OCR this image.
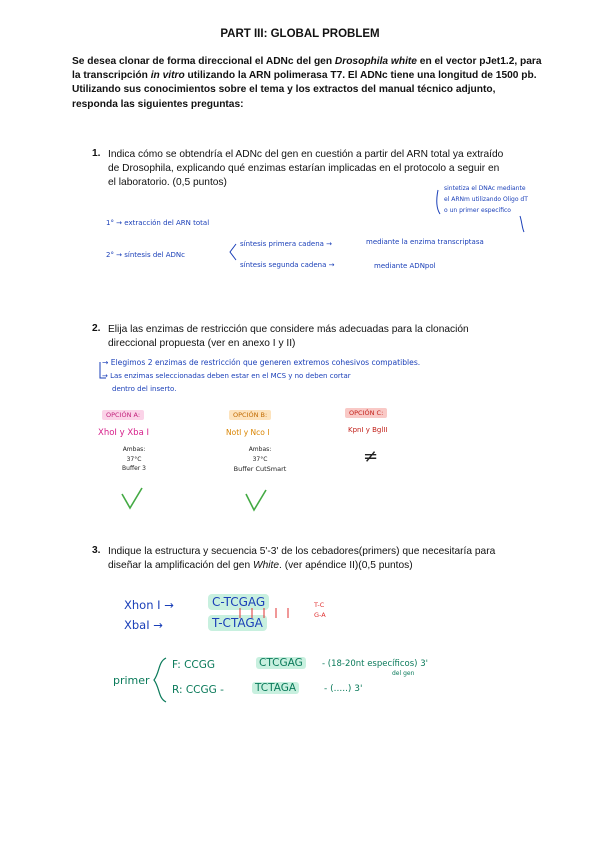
PART III: GLOBAL PROBLEM
Se desea clonar de forma direccional el ADNc del gen Drosophila white en el vector pJet1.2, para la transcripción in vitro utilizando la ARN polimerasa T7. El ADNc tiene una longitud de 1500 pb. Utilizando sus conocimientos sobre el tema y los extractos del manual técnico adjunto, responda las siguientes preguntas:
1. Indica cómo se obtendría el ADNc del gen en cuestión a partir del ARN total ya extraído de Drosophila, explicando qué enzimas estarían implicadas en el protocolo a seguir en el laboratorio. (0,5 puntos)
sintetiza el DNAc mediante
el ARNm utilizando Oligo dT
o un primer específico
1° → extracción del ARN total
2° → síntesis del ADNc
síntesis primera cadena →	mediante la enzima transcriptasa
síntesis segunda cadena →	mediante ADNpol
2. Elija las enzimas de restricción que considere más adecuadas para la clonación direccional propuesta (ver en anexo I y II)
→ Elegimos 2 enzimas de restricción que generen extremos cohesivos compatibles.
→ Las enzimas seleccionadas deben estar en el MCS y no deben cortar
dentro del inserto.
OPCIÓN A:
XhoI y Xba I
Ambas:
37°C
Buffer 3
OPCIÓN B:
NotI y Nco I
Ambas:
37°C
Buffer CutSmart
OPCIÓN C:
KpnI y BglII
≠
3. Indique la estructura y secuencia 5'-3' de los cebadores(primers) que necesitaría para diseñar la amplificación del gen White. (ver apéndice II)(0,5 puntos)
Xhon I →	C-TCGAG
XbaI →	T-CTAGA
T-C
G-A
primer
F: CCGG	CTCGAG	- (18-20nt específicos) 3'
del gen
R: CCGG -	TCTAGA	- (.....) 3'
